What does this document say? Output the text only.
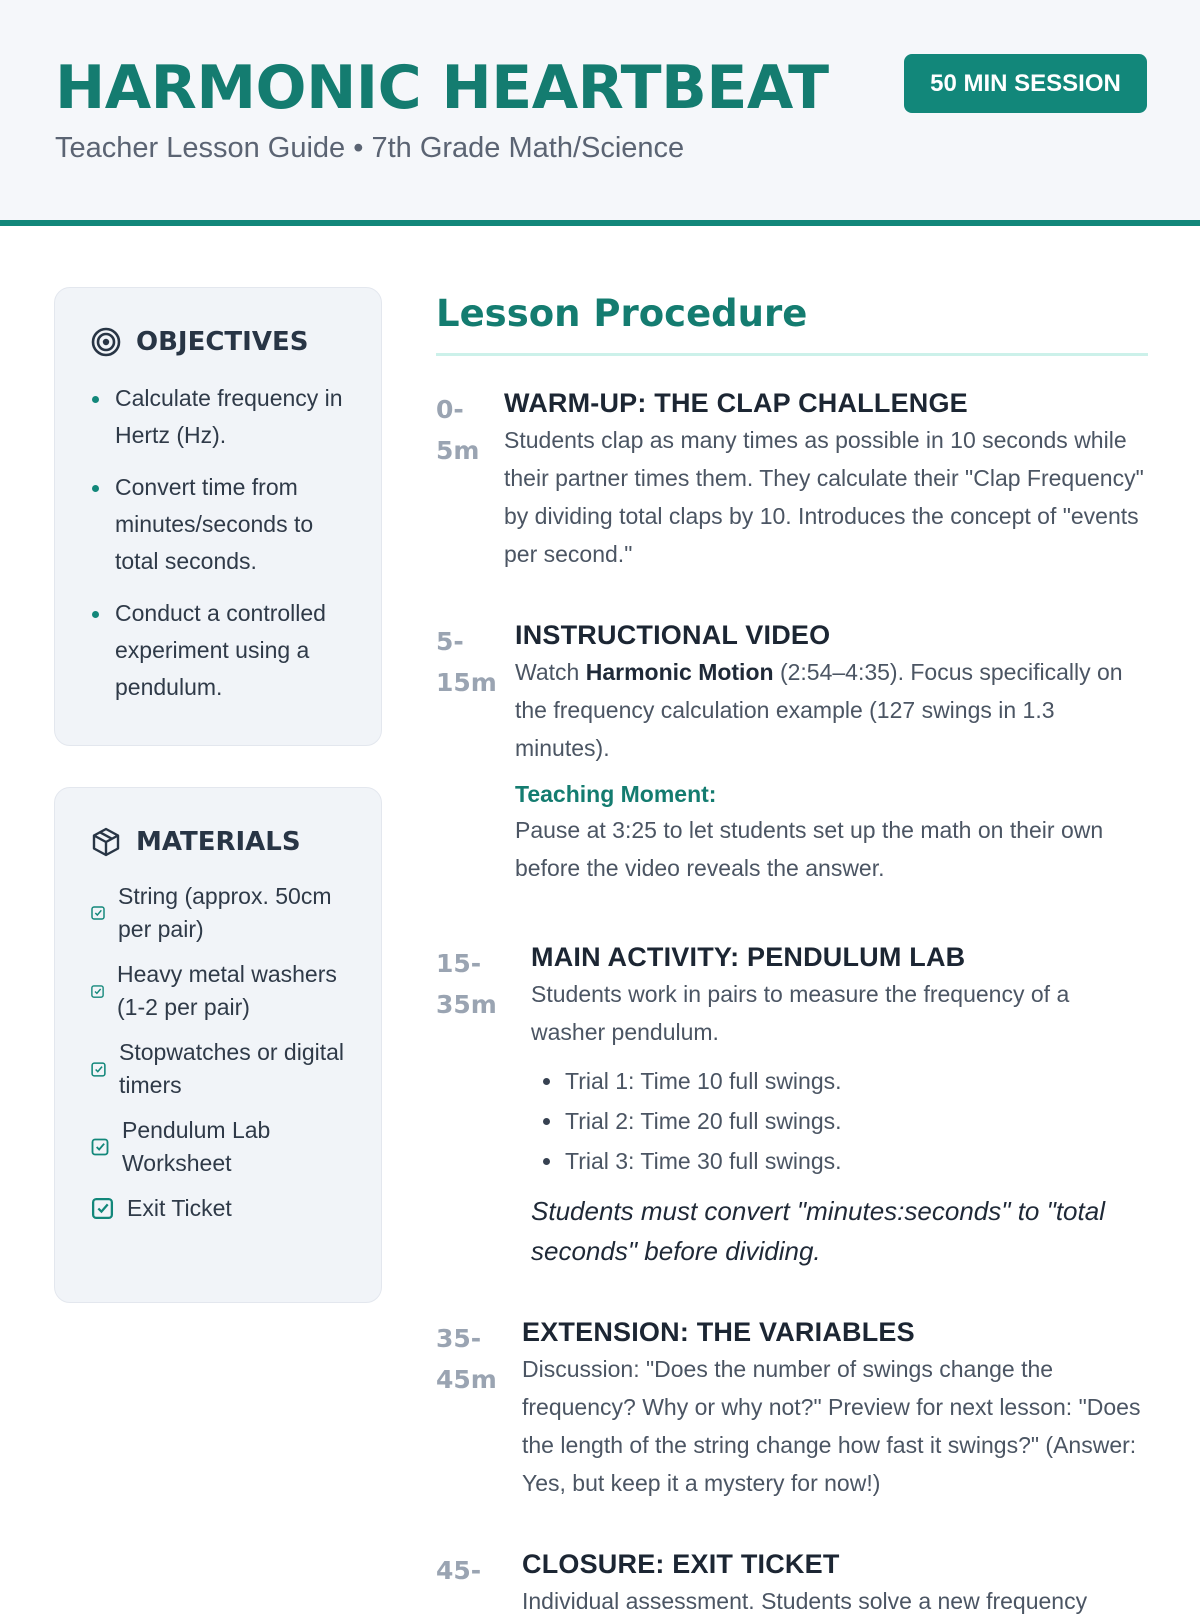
HARMONIC HEARTBEAT
Teacher Lesson Guide • 7th Grade Math/Science
50 MIN SESSION
OBJECTIVES
Calculate frequency in Hertz (Hz).
Convert time from minutes/seconds to total seconds.
Conduct a controlled experiment using a pendulum.
MATERIALS
String (approx. 50cm per pair)
Heavy metal washers (1-2 per pair)
Stopwatches or digital timers
Pendulum Lab Worksheet
Exit Ticket
Lesson Procedure
0-
5m
WARM-UP: THE CLAP CHALLENGE
Students clap as many times as possible in 10 seconds while their partner times them. They calculate their "Clap Frequency" by dividing total claps by 10. Introduces the concept of "events per second."
5-
15m
INSTRUCTIONAL VIDEO
Watch Harmonic Motion (2:54–4:35). Focus specifically on the frequency calculation example (127 swings in 1.3 minutes).
Teaching Moment:
Pause at 3:25 to let students set up the math on their own before the video reveals the answer.
15-
35m
MAIN ACTIVITY: PENDULUM LAB
Students work in pairs to measure the frequency of a washer pendulum.
Trial 1: Time 10 full swings.
Trial 2: Time 20 full swings.
Trial 3: Time 30 full swings.
Students must convert "minutes:seconds" to "total seconds" before dividing.
35-
45m
EXTENSION: THE VARIABLES
Discussion: "Does the number of swings change the frequency? Why or why not?" Preview for next lesson: "Does the length of the string change how fast it swings?" (Answer: Yes, but keep it a mystery for now!)
45- CLOSURE: EXIT TICKET
Individual assessment. Students solve a new frequency
